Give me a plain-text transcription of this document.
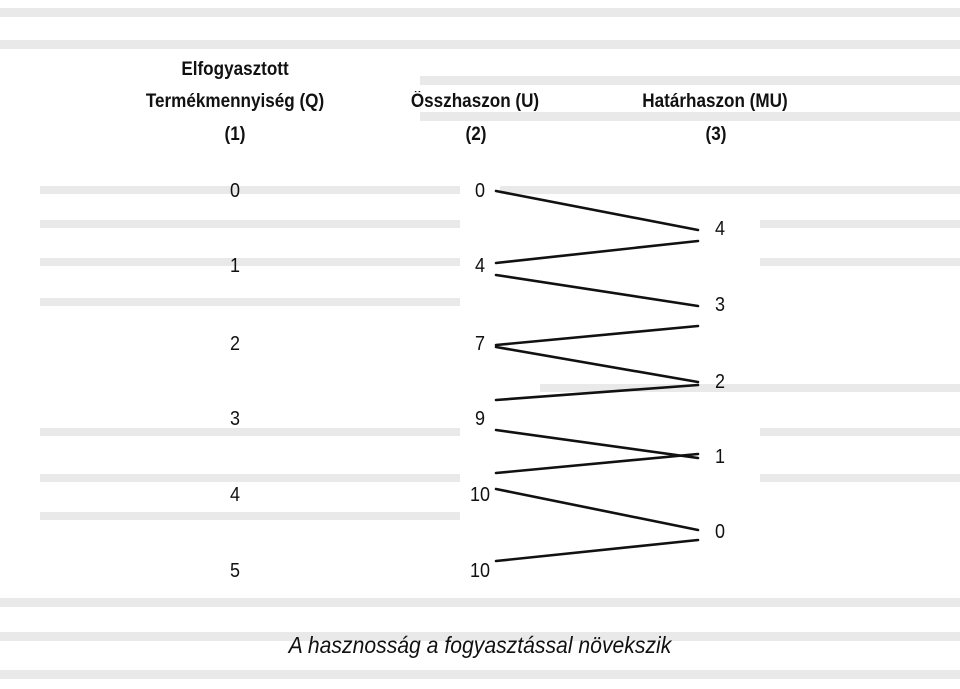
Elfogyasztott
Termékmennyiség (Q)
(1)
Összhaszon (U)
(2)
Határhaszon (MU)
(3)
0
1
2
3
4
5
0
4
7
9
10
10
4
3
2
1
0
A hasznosság a fogyasztással növekszik
